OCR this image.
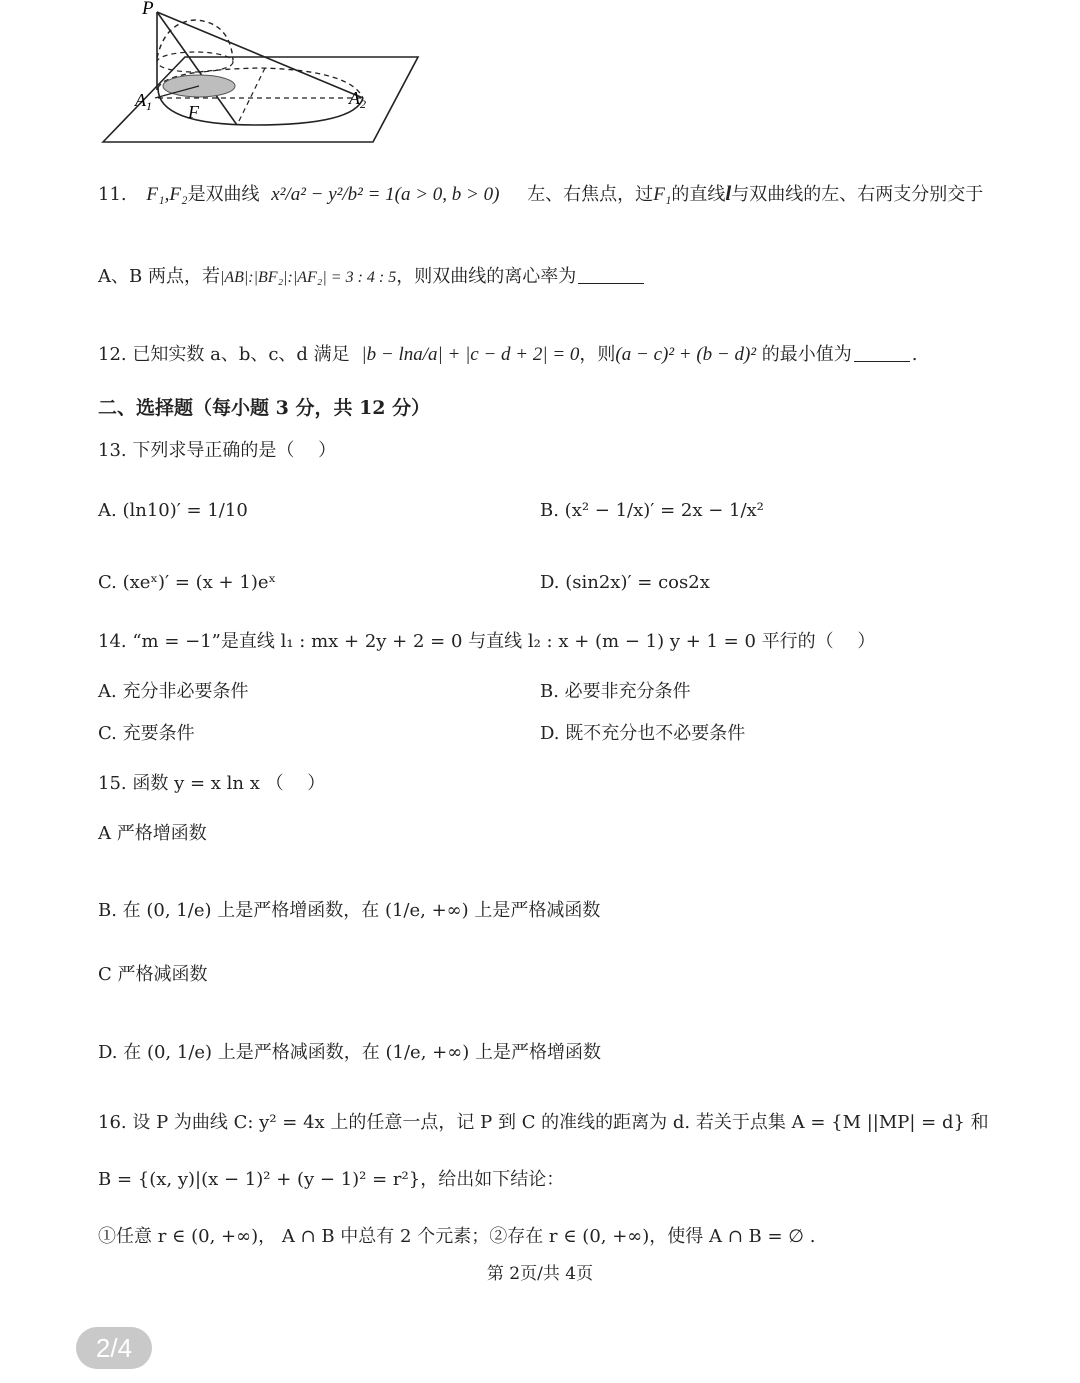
P
$A_1$ F
$A_2$
11. F₁,F₂是双曲线 x²/a² − y²/b² = 1(a > 0, b > 0) 左、右焦点，过F₁的直线l与双曲线的左、右两支分别交于
A、B 两点，若|AB|:|BF₂|:|AF₂| = 3 : 4 : 5，则双曲线的离心率为
12. 已知实数 a、b、c、d 满足 |b − lna/a| + |c − d + 2| = 0，则(a − c)² + (b − d)² 的最小值为	.
二、选择题（每小题 3 分，共 12 分）
13. 下列求导正确的是（　 ）
A. (ln10)′ = 1/10	B. (x² − 1/x)′ = 2x − 1/x²
C. (xeˣ)′ = (x + 1)eˣ	D. (sin2x)′ = cos2x
14. “m = −1”是直线 l₁ : mx + 2y + 2 = 0 与直线 l₂ : x + (m − 1) y + 1 = 0 平行的（　 ）
A. 充分非必要条件	B. 必要非充分条件
C. 充要条件	D. 既不充分也不必要条件
15. 函数 y = x ln x （　 ）
A 严格增函数
B. 在 (0, 1/e) 上是严格增函数，在 (1/e, +∞) 上是严格减函数
C 严格减函数
D. 在 (0, 1/e) 上是严格减函数，在 (1/e, +∞) 上是严格增函数
16. 设 P 为曲线 C: y² = 4x 上的任意一点，记 P 到 C 的准线的距离为 d. 若关于点集 A = {M ||MP| = d} 和
B = {(x, y)|(x − 1)² + (y − 1)² = r²}，给出如下结论：
①任意 r ∈ (0, +∞)， A ∩ B 中总有 2 个元素；②存在 r ∈ (0, +∞)，使得 A ∩ B = ∅ .
第 2页/共 4页
2/4
